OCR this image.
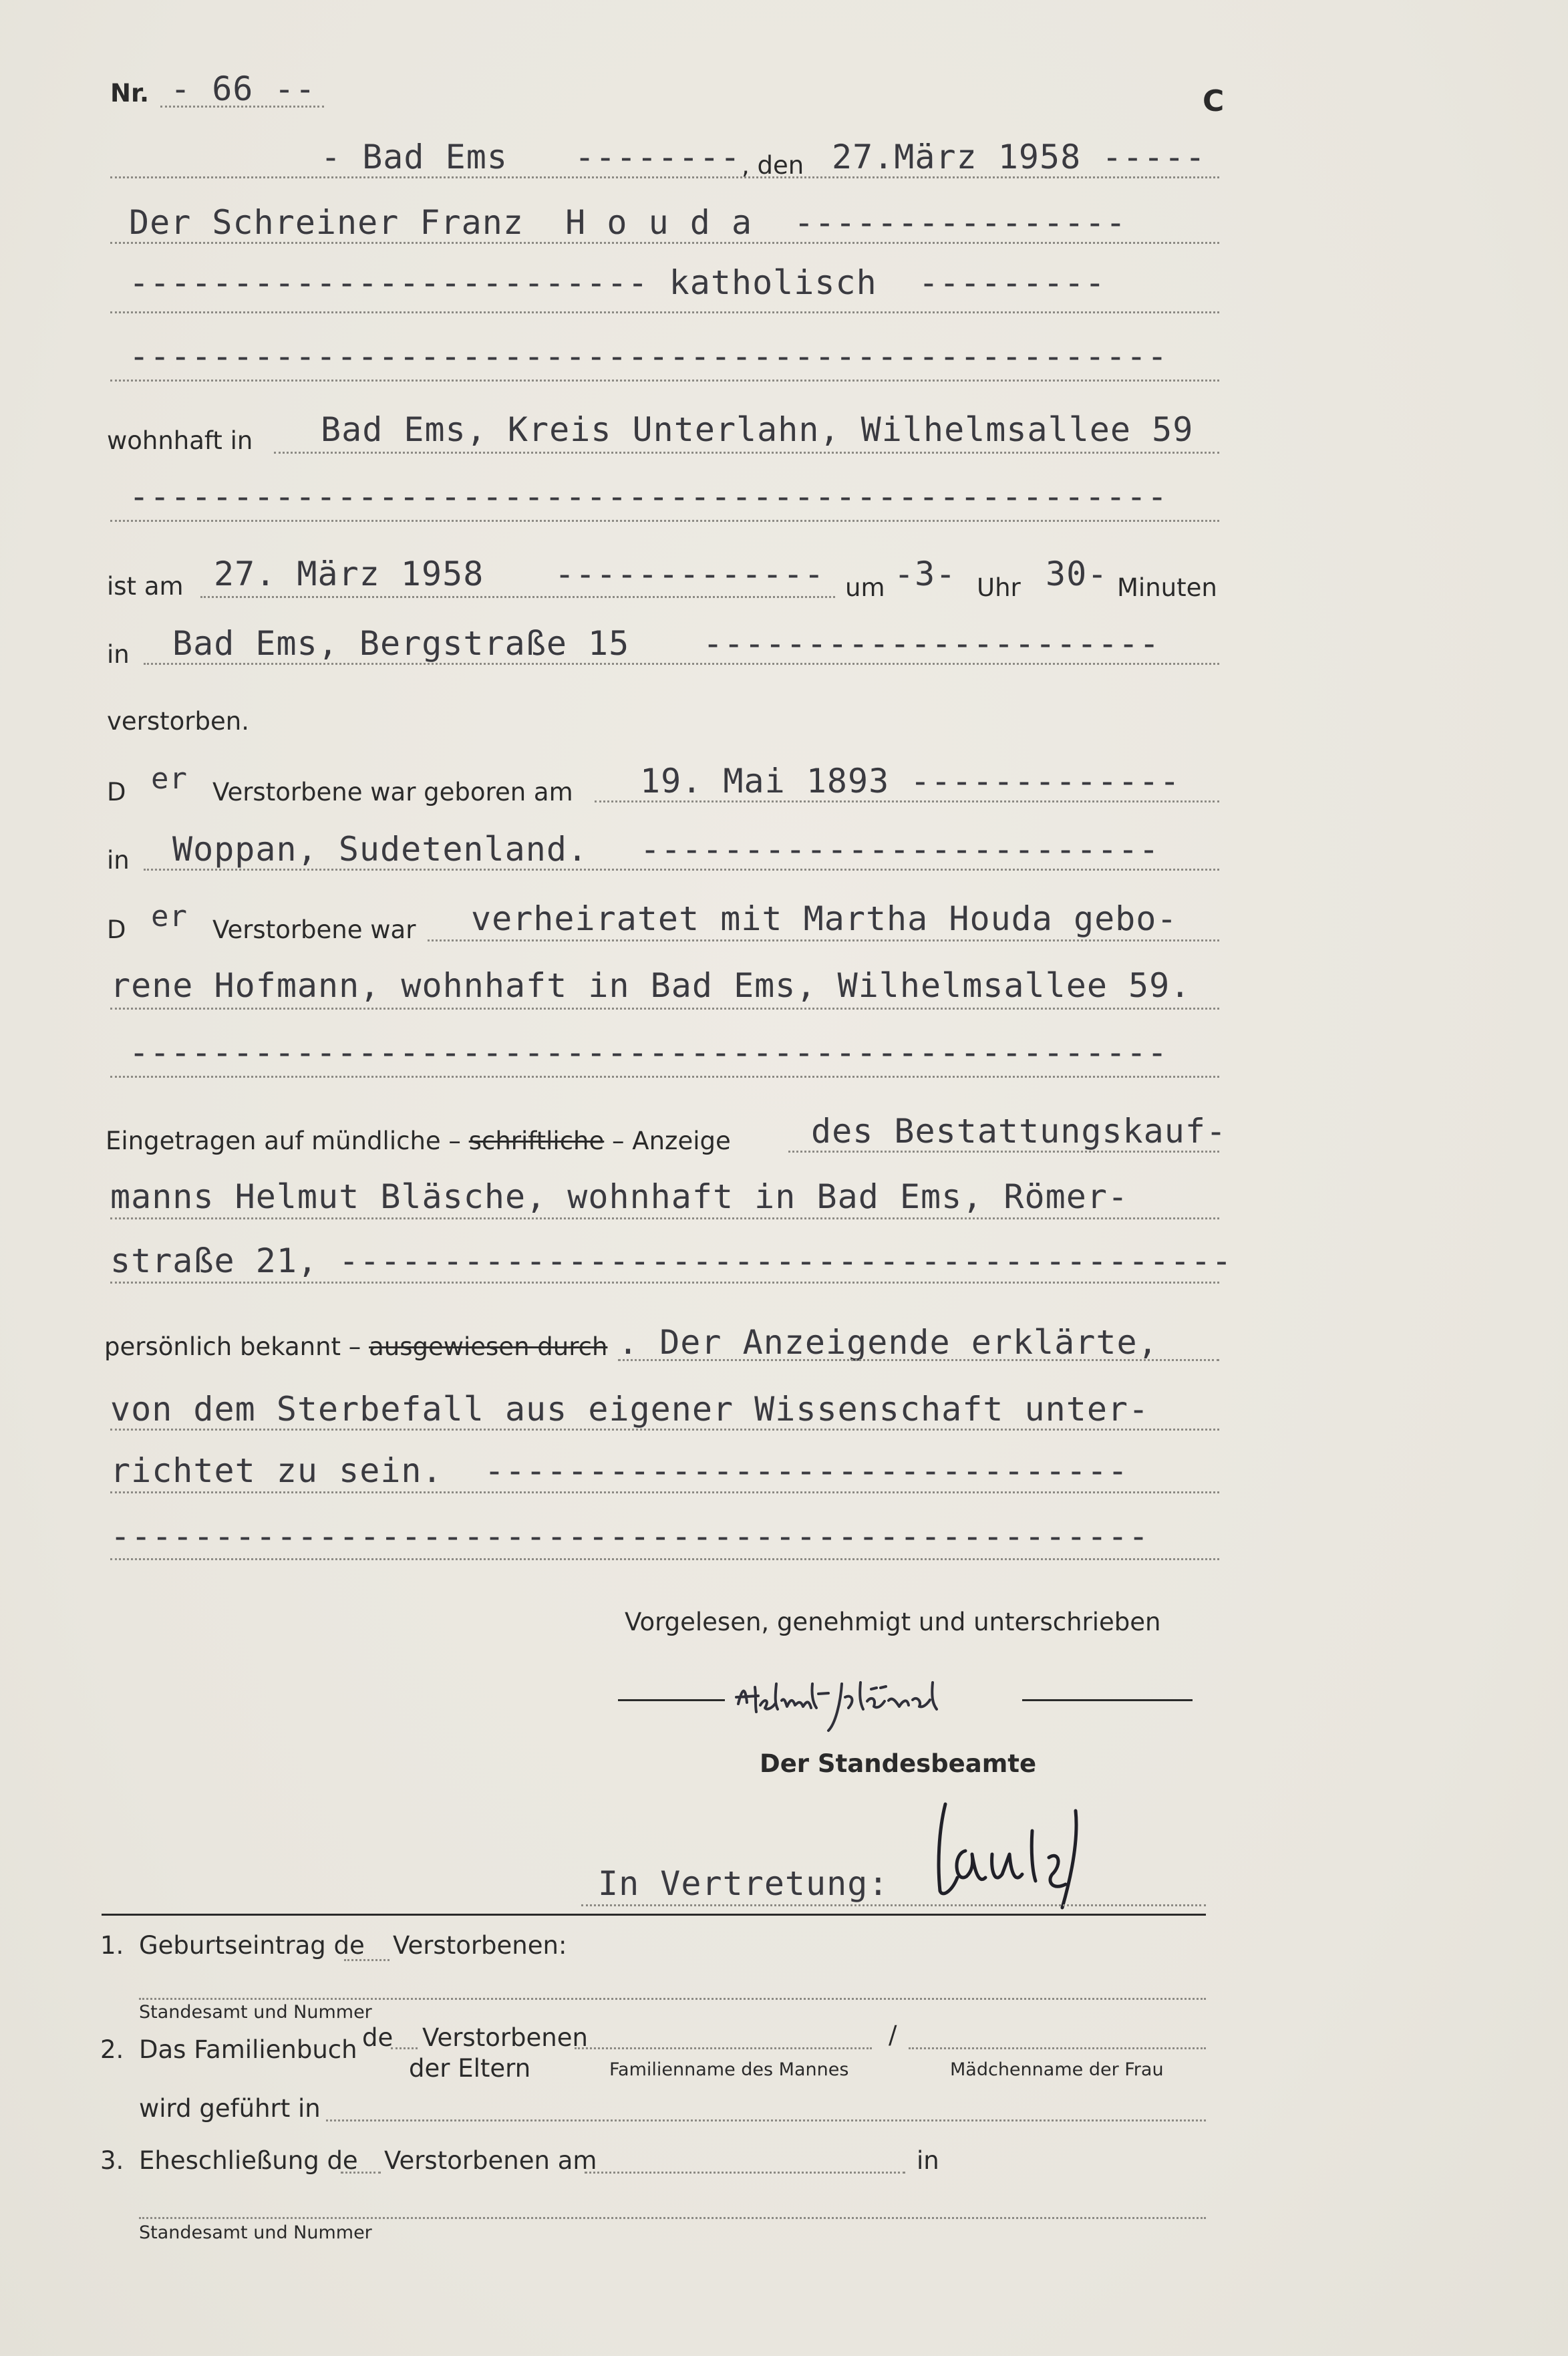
Nr. - 66 --	C
- Bad Ems -------- , den 27.März 1958 -----
Der Schreiner Franz  H o u d a  ----------------
------------------------- katholisch  ---------
--------------------------------------------------
wohnhaft in Bad Ems, Kreis Unterlahn, Wilhelmsallee 59
--------------------------------------------------
ist am 27. März 1958 ------------- um -3- Uhr 30- Minuten
in Bad Ems, Bergstraße 15 ----------------------
verstorben.
D er Verstorbene war geboren am 19. Mai 1893 -------------
in Woppan, Sudetenland. -------------------------
D er Verstorbene war verheiratet mit Martha Houda gebo-
rene Hofmann, wohnhaft in Bad Ems, Wilhelmsallee 59.
--------------------------------------------------
Eingetragen auf mündliche – schriftliche – Anzeige des Bestattungskauf-
manns Helmut Bläsche, wohnhaft in Bad Ems, Römer-
straße 21, -------------------------------------------
persönlich bekannt – ausgewiesen durch . Der Anzeigende erklärte,
von dem Sterbefall aus eigener Wissenschaft unter-
richtet zu sein.  -------------------------------
--------------------------------------------------
Vorgelesen, genehmigt und unterschrieben
Der Standesbeamte
In Vertretung:
1. Geburtseintrag de Verstorbenen:
Standesamt und Nummer
2. Das Familienbuch de Verstorbenen	/
der Eltern	Familienname des Mannes	Mädchenname der Frau
wird geführt in
3. Eheschließung de Verstorbenen am	in
Standesamt und Nummer
